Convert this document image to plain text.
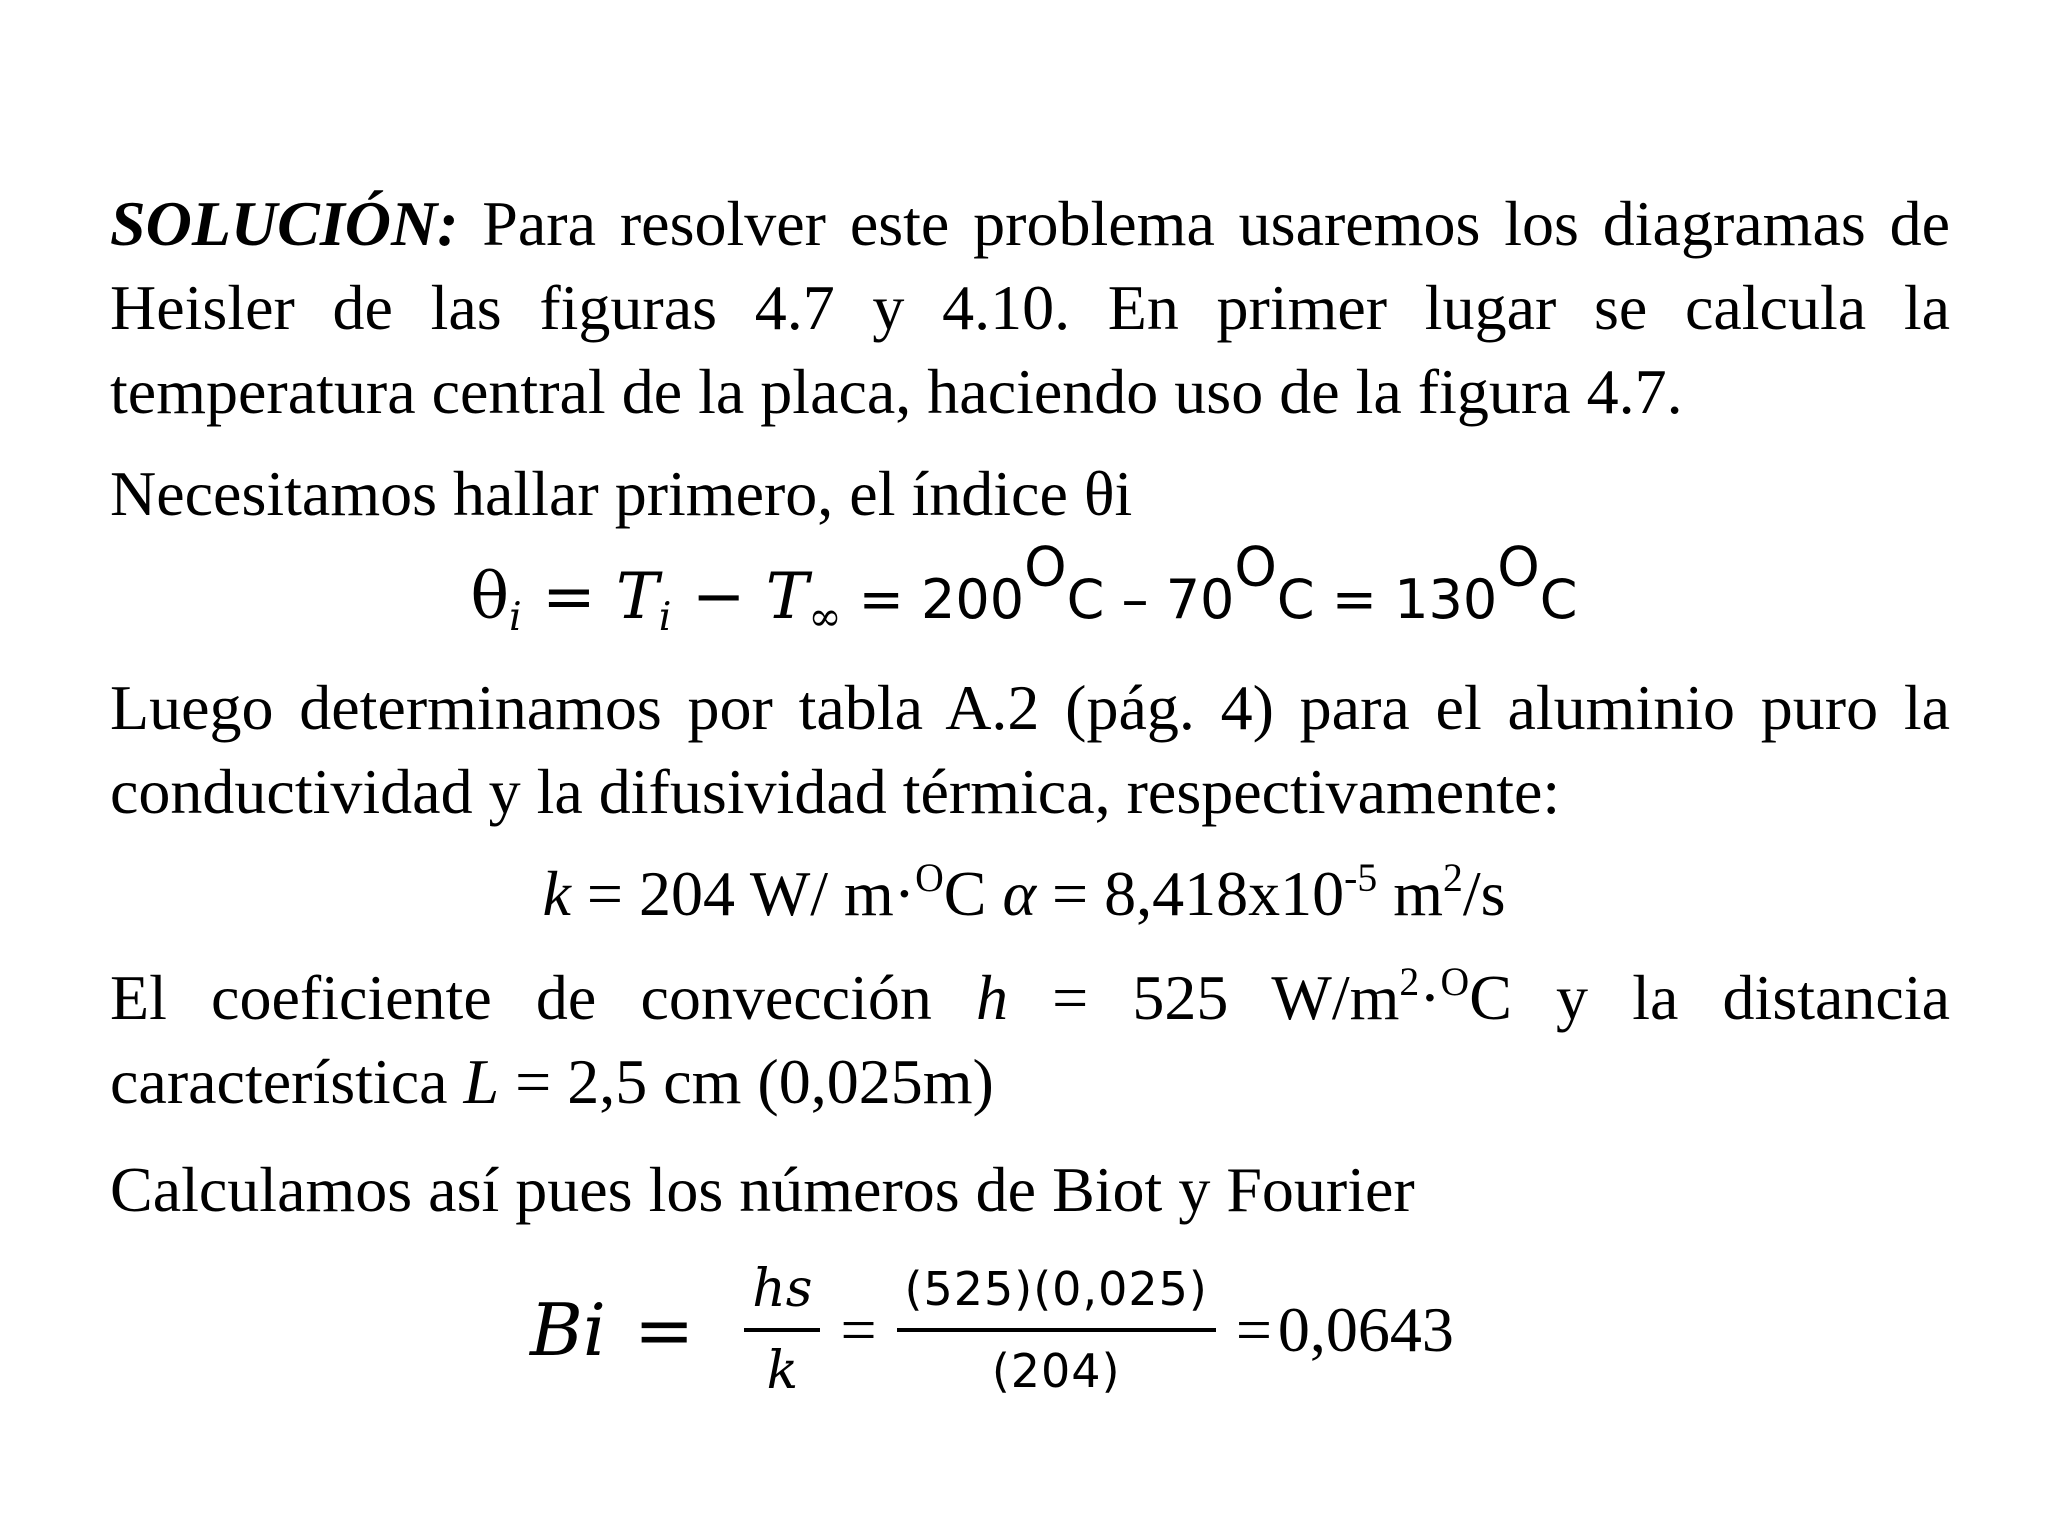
SOLUCIÓN: Para resolver este problema usaremos los diagramas de Heisler de las figuras 4.7 y 4.10. En primer lugar se calcula la temperatura central de la placa, haciendo uso de la figura 4.7.

Necesitamos hallar primero, el índice θi

$\theta_i = T_i - T_\infty = 200^OC - 70^OC = 130^OC$

Luego determinamos por tabla A.2 (pág. 4) para el aluminio puro la conductividad y la difusividad térmica, respectivamente:

k = 204 W/ m·$^O$C $\alpha = 8,418x10^{-5}$ $m^2/s$

El coeficiente de convección h = 525 $W/m^2\cdot^OC$ y la distancia

característica L = 2,5 cm (0,025m)

Calculamos así pues los números de Biot y Fourier

$Bi = \frac{hs}{k} = \frac{(525)(0,025)}{(204)} = 0,0643$
